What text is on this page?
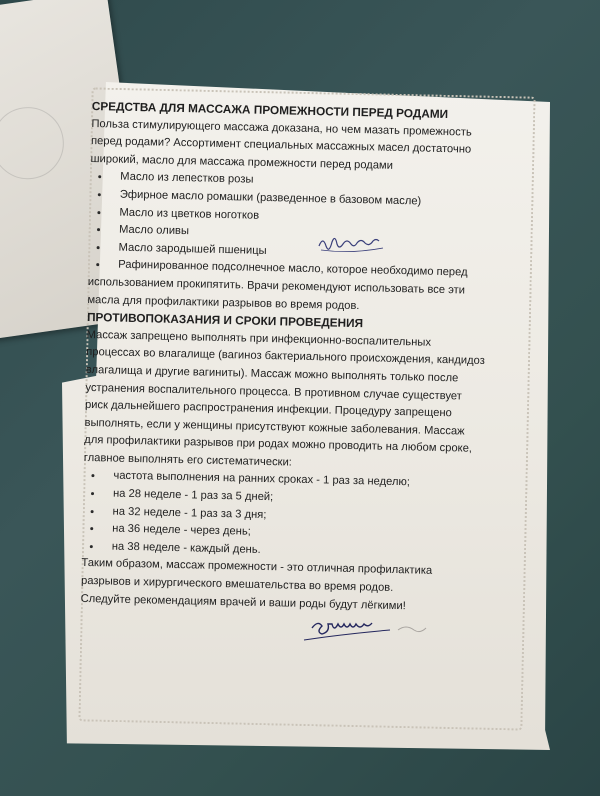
СРЕДСТВА ДЛЯ МАССАЖА ПРОМЕЖНОСТИ ПЕРЕД РОДАМИ

Польза стимулирующего массажа доказана, но чем мазать промежность перед родами? Ассортимент специальных массажных масел достаточно широкий, масло для массажа промежности перед родами

Масло из лепестков розы
Эфирное масло ромашки (разведенное в базовом масле)
Масло из цветков ноготков
Масло оливы
Масло зародышей пшеницы
Рафинированное подсолнечное масло, которое необходимо перед

использованием прокипятить. Врачи рекомендуют использовать все эти масла для профилактики разрывов во время родов.

ПРОТИВОПОКАЗАНИЯ И СРОКИ ПРОВЕДЕНИЯ

Массаж запрещено выполнять при инфекционно-воспалительных процессах во влагалище (вагиноз бактериального происхождения, кандидоз влагалища и другие вагиниты). Массаж можно выполнять только после устранения воспалительного процесса. В противном случае существует риск дальнейшего распространения инфекции. Процедуру запрещено выполнять, если у женщины присутствуют кожные заболевания. Массаж для профилактики разрывов при родах можно проводить на любом сроке, главное выполнять его систематически:

частота выполнения на ранних сроках - 1 раз за неделю;
на 28 неделе - 1 раз за 5 дней;
на 32 неделе - 1 раз за 3 дня;
на 36 неделе - через день;
на 38 неделе - каждый день.

Таким образом, массаж промежности - это отличная профилактика разрывов и хирургического вмешательства во время родов.

Следуйте рекомендациям врачей и ваши роды будут лёгкими!
